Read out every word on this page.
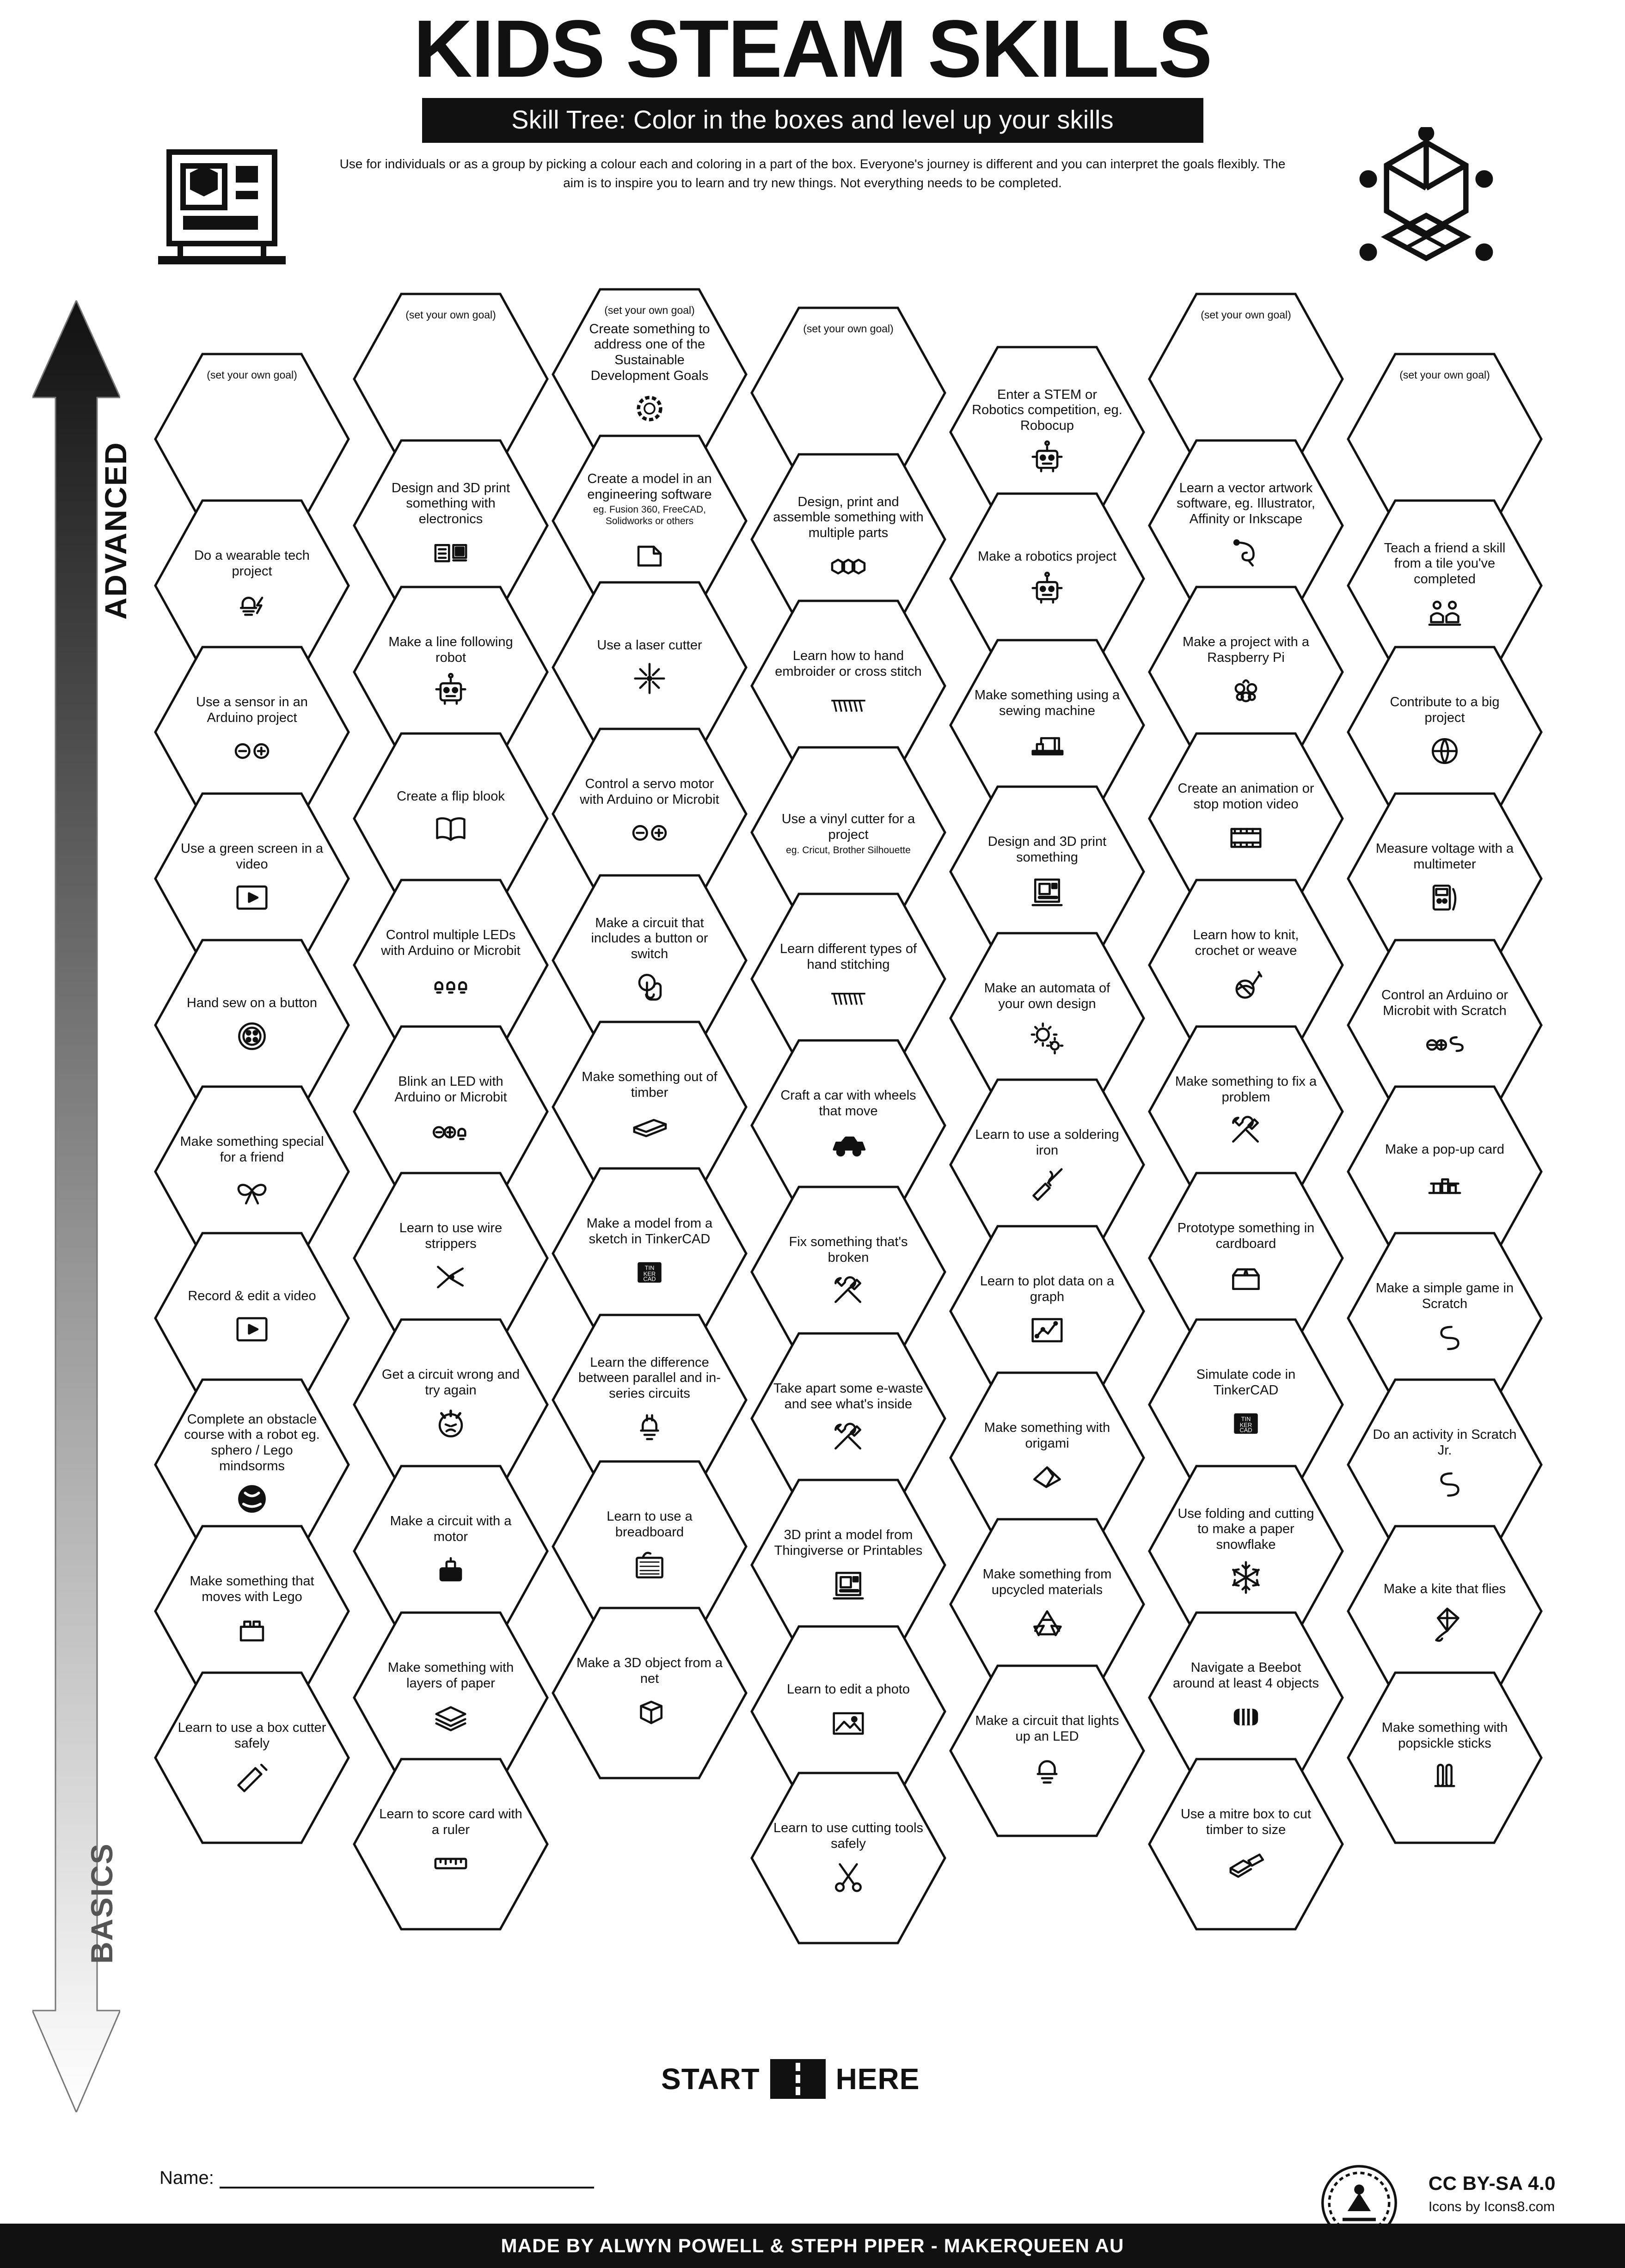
KIDS STEAM SKILLS
Skill Tree: Color in the boxes and level up your skills
Use for individuals or as a group by picking a colour each and coloring in a part of the box. Everyone's journey is different and you can interpret the goals flexibly. The aim is to inspire you to learn and try new things. Not everything needs to be completed.
ADVANCED
BASICS
(set your own goal)
Do a wearable tech project
Use a sensor in an Arduino project
Use a green screen in a video
Hand sew on a button
Make something special for a friend
Record & edit a video
Complete an obstacle course with a robot eg. sphero / Lego mindsorms
Make something that moves with Lego
Learn to use a box cutter safely
(set your own goal)
Design and 3D print something with electronics
Make a line following robot
Create a flip blook
Control multiple LEDs with Arduino or Microbit
Blink an LED with Arduino or Microbit
Learn to use wire strippers
Get a circuit wrong and try again
Make a circuit with a motor
Make something with layers of paper
Learn to score card with a ruler
(set your own goal)
Create something to address one of the Sustainable Development Goals
Create a model in an engineering software
eg. Fusion 360, FreeCAD, Solidworks or others
Use a laser cutter
Control a servo motor with Arduino or Microbit
Make a circuit that includes a button or switch
Make something out of timber
Make a model from a sketch in TinkerCAD
TIN
KER
CAD
Learn the difference between parallel and in-series circuits
Learn to use a breadboard
Make a 3D object from a net
(set your own goal)
Design, print and assemble something with multiple parts
Learn how to hand embroider or cross stitch
Use a vinyl cutter for a project
eg. Cricut, Brother Silhouette
Learn different types of hand stitching
Craft a car with wheels that move
Fix something that's broken
Take apart some e-waste and see what's inside
3D print a model from Thingiverse or Printables
Learn to edit a photo
Learn to use cutting tools safely
Enter a STEM or Robotics competition, eg. Robocup
Make a robotics project
Make something using a sewing machine
Design and 3D print something
Make an automata of your own design
Learn to use a soldering iron
Learn to plot data on a graph
Make something with origami
Make something from upcycled materials
Make a circuit that lights up an LED
(set your own goal)
Learn a vector artwork software, eg. Illustrator, Affinity or Inkscape
Make a project with a Raspberry Pi
Create an animation or stop motion video
Learn how to knit, crochet or weave
Make something to fix a problem
Prototype something in cardboard
Simulate code in TinkerCAD
TIN
KER
CAD
Use folding and cutting to make a paper snowflake
Navigate a Beebot around at least 4 objects
Use a mitre box to cut timber to size
(set your own goal)
Teach a friend a skill from a tile you've completed
Contribute to a big project
Measure voltage with a multimeter
Control an Arduino or Microbit with Scratch
Make a pop-up card
Make a simple game in Scratch
Do an activity in Scratch Jr.
Make a kite that flies
Make something with popsickle sticks
START	HERE
Name:	CC BY-SA 4.0
Icons by Icons8.com
MADE BY ALWYN POWELL & STEPH PIPER - MAKERQUEEN AU
